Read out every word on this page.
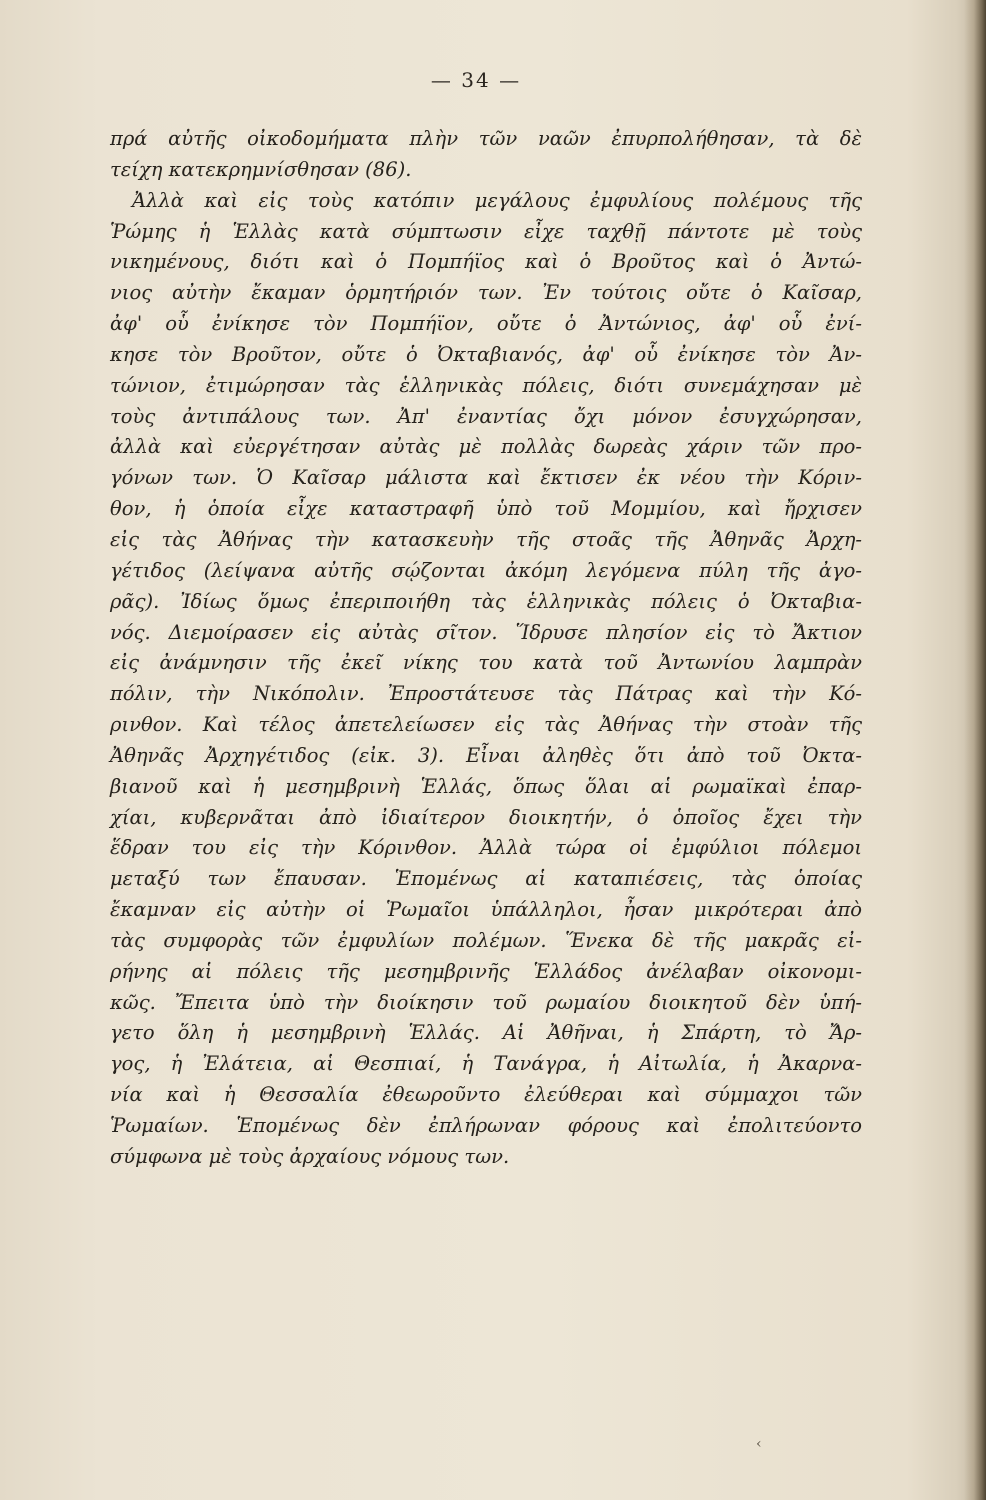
— 34 —
πρά αὐτῆς οἰκοδομήματα πλὴν τῶν ναῶν ἐπυρπολήθησαν, τὰ δὲ
τείχη κατεκρημνίσθησαν (86).
Ἀλλὰ καὶ εἰς τοὺς κατόπιν μεγάλους ἐμφυλίους πολέμους τῆς
Ῥώμης ἡ Ἑλλὰς κατὰ σύμπτωσιν εἶχε ταχθῇ πάντοτε μὲ τοὺς
νικημένους, διότι καὶ ὁ Πομπήϊος καὶ ὁ Βροῦτος καὶ ὁ Ἀντώ-
νιος αὐτὴν ἔκαμαν ὁρμητήριόν των. Ἐν τούτοις οὔτε ὁ Καῖσαρ,
ἀφ' οὗ ἐνίκησε τὸν Πομπήϊον, οὔτε ὁ Ἀντώνιος, ἀφ' οὗ ἐνί-
κησε τὸν Βροῦτον, οὔτε ὁ Ὀκταβιανός, ἀφ' οὗ ἐνίκησε τὸν Ἀν-
τώνιον, ἐτιμώρησαν τὰς ἑλληνικὰς πόλεις, διότι συνεμάχησαν μὲ
τοὺς ἀντιπάλους των. Ἀπ' ἐναντίας ὄχι μόνον ἐσυγχώρησαν,
ἀλλὰ καὶ εὐεργέτησαν αὐτὰς μὲ πολλὰς δωρεὰς χάριν τῶν προ-
γόνων των. Ὁ Καῖσαρ μάλιστα καὶ ἔκτισεν ἐκ νέου τὴν Κόριν-
θον, ἡ ὁποία εἶχε καταστραφῆ ὑπὸ τοῦ Μομμίου, καὶ ἤρχισεν
εἰς τὰς Ἀθήνας τὴν κατασκευὴν τῆς στοᾶς τῆς Ἀθηνᾶς Ἀρχη-
γέτιδος (λείψανα αὐτῆς σῴζονται ἀκόμη λεγόμενα πύλη τῆς ἀγο-
ρᾶς). Ἰδίως ὅμως ἐπεριποιήθη τὰς ἑλληνικὰς πόλεις ὁ Ὀκταβια-
νός. Διεμοίρασεν εἰς αὐτὰς σῖτον. Ἵδρυσε πλησίον εἰς τὸ Ἄκτιον
εἰς ἀνάμνησιν τῆς ἐκεῖ νίκης του κατὰ τοῦ Ἀντωνίου λαμπρὰν
πόλιν, τὴν Νικόπολιν. Ἐπροστάτευσε τὰς Πάτρας καὶ τὴν Κό-
ρινθον. Καὶ τέλος ἀπετελείωσεν εἰς τὰς Ἀθήνας τὴν στοὰν τῆς
Ἀθηνᾶς Ἀρχηγέτιδος (εἰκ. 3). Εἶναι ἀληθὲς ὅτι ἀπὸ τοῦ Ὀκτα-
βιανοῦ καὶ ἡ μεσημβρινὴ Ἑλλάς, ὅπως ὅλαι αἱ ρωμαϊκαὶ ἐπαρ-
χίαι, κυβερνᾶται ἀπὸ ἰδιαίτερον διοικητήν, ὁ ὁποῖος ἔχει τὴν
ἕδραν του εἰς τὴν Κόρινθον. Ἀλλὰ τώρα οἱ ἐμφύλιοι πόλεμοι
μεταξύ των ἔπαυσαν. Ἑπομένως αἱ καταπιέσεις, τὰς ὁποίας
ἔκαμναν εἰς αὐτὴν οἱ Ῥωμαῖοι ὑπάλληλοι, ἦσαν μικρότεραι ἀπὸ
τὰς συμφορὰς τῶν ἐμφυλίων πολέμων. Ἕνεκα δὲ τῆς μακρᾶς εἰ-
ρήνης αἱ πόλεις τῆς μεσημβρινῆς Ἑλλάδος ἀνέλαβαν οἰκονομι-
κῶς. Ἔπειτα ὑπὸ τὴν διοίκησιν τοῦ ρωμαίου διοικητοῦ δὲν ὑπή-
γετο ὅλη ἡ μεσημβρινὴ Ἑλλάς. Αἱ Ἀθῆναι, ἡ Σπάρτη, τὸ Ἄρ-
γος, ἡ Ἐλάτεια, αἱ Θεσπιαί, ἡ Τανάγρα, ἡ Αἰτωλία, ἡ Ἀκαρνα-
νία καὶ ἡ Θεσσαλία ἐθεωροῦντο ἐλεύθεραι καὶ σύμμαχοι τῶν
Ῥωμαίων. Ἑπομένως δὲν ἐπλήρωναν φόρους καὶ ἐπολιτεύοντο
σύμφωνα μὲ τοὺς ἀρχαίους νόμους των.
‹
